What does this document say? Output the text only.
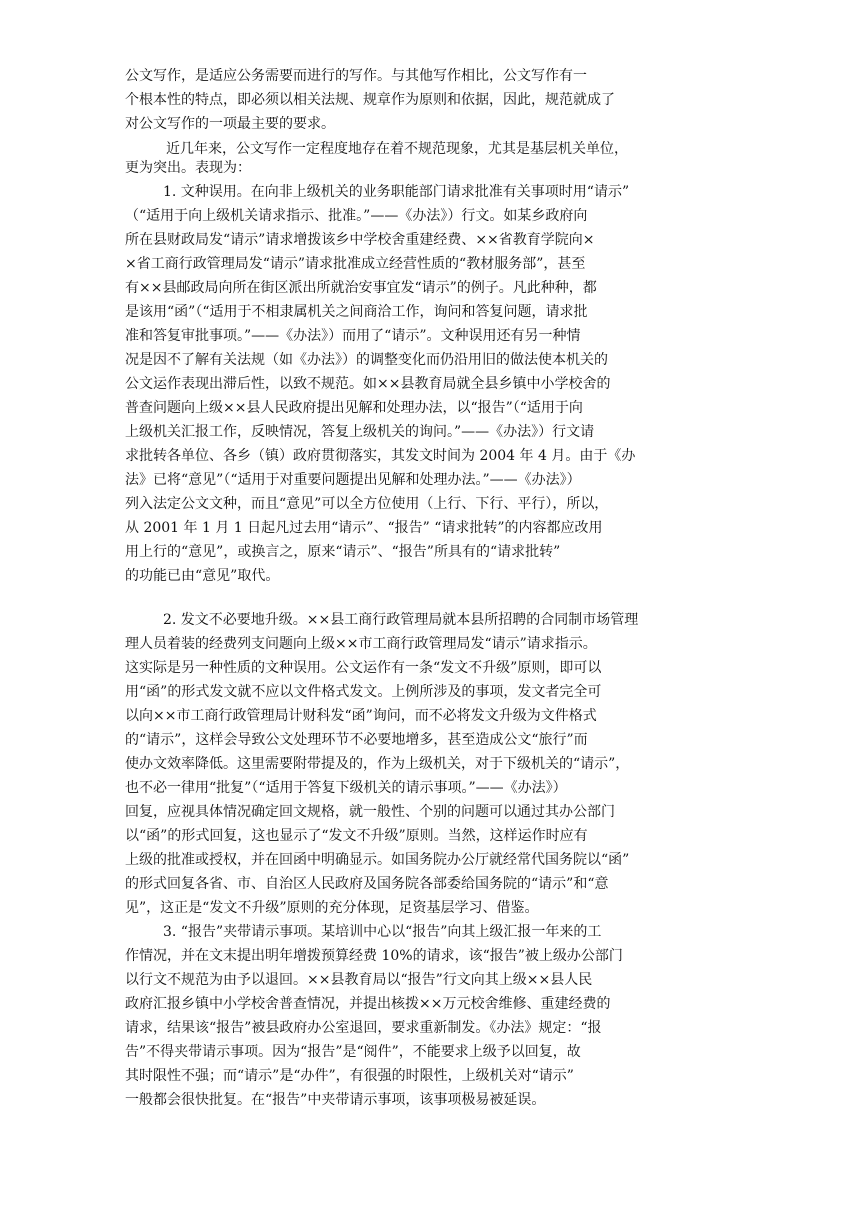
公文写作，是适应公务需要而进行的写作。与其他写作相比，公文写作有一
个根本性的特点，即必须以相关法规、规章作为原则和依据，因此，规范就成了
对公文写作的一项最主要的要求。
近几年来，公文写作一定程度地存在着不规范现象，尤其是基层机关单位，
更为突出。表现为：
1. 文种误用。在向非上级机关的业务职能部门请求批准有关事项时用“请示”
（“适用于向上级机关请求指示、批准。”——《办法》）行文。如某乡政府向
所在县财政局发“请示”请求增拨该乡中学校舍重建经费、××省教育学院向×
×省工商行政管理局发“请示”请求批准成立经营性质的“教材服务部”，甚至
有××县邮政局向所在街区派出所就治安事宜发“请示”的例子。凡此种种，都
是该用“函”（“适用于不相隶属机关之间商洽工作，询问和答复问题，请求批
准和答复审批事项。”——《办法》）而用了“请示”。文种误用还有另一种情
况是因不了解有关法规（如《办法》）的调整变化而仍沿用旧的做法使本机关的
公文运作表现出滞后性，以致不规范。如××县教育局就全县乡镇中小学校舍的
普查问题向上级××县人民政府提出见解和处理办法，以“报告”（“适用于向
上级机关汇报工作，反映情况，答复上级机关的询问。”——《办法》）行文请
求批转各单位、各乡（镇）政府贯彻落实，其发文时间为 2004 年 4 月。由于《办
法》已将“意见”（“适用于对重要问题提出见解和处理办法。”——《办法》）
列入法定公文文种，而且“意见”可以全方位使用（上行、下行、平行），所以，
从 2001 年 1 月 1 日起凡过去用“请示”、“报告” “请求批转”的内容都应改用
用上行的“意见”，或换言之，原来“请示”、“报告”所具有的“请求批转”
的功能已由“意见”取代。
2. 发文不必要地升级。××县工商行政管理局就本县所招聘的合同制市场管理
理人员着装的经费列支问题向上级××市工商行政管理局发“请示”请求指示。
这实际是另一种性质的文种误用。公文运作有一条“发文不升级”原则，即可以
用“函”的形式发文就不应以文件格式发文。上例所涉及的事项，发文者完全可
以向××市工商行政管理局计财科发“函”询问，而不必将发文升级为文件格式
的“请示”，这样会导致公文处理环节不必要地增多，甚至造成公文“旅行”而
使办文效率降低。这里需要附带提及的，作为上级机关，对于下级机关的“请示”，
也不必一律用“批复”（“适用于答复下级机关的请示事项。”——《办法》）
回复，应视具体情况确定回文规格，就一般性、个别的问题可以通过其办公部门
以“函”的形式回复，这也显示了“发文不升级”原则。当然，这样运作时应有
上级的批准或授权，并在回函中明确显示。如国务院办公厅就经常代国务院以“函”
的形式回复各省、市、自治区人民政府及国务院各部委给国务院的“请示”和“意
见”，这正是“发文不升级”原则的充分体现，足资基层学习、借鉴。
3. “报告”夹带请示事项。某培训中心以“报告”向其上级汇报一年来的工
作情况，并在文末提出明年增拨预算经费 10%的请求，该“报告”被上级办公部门
以行文不规范为由予以退回。××县教育局以“报告”行文向其上级××县人民
政府汇报乡镇中小学校舍普查情况，并提出核拨××万元校舍维修、重建经费的
请求，结果该“报告”被县政府办公室退回，要求重新制发。《办法》规定：“报
告”不得夹带请示事项。因为“报告”是“阅件”，不能要求上级予以回复，故
其时限性不强；而“请示”是“办件”，有很强的时限性，上级机关对“请示”
一般都会很快批复。在“报告”中夹带请示事项，该事项极易被延误。
